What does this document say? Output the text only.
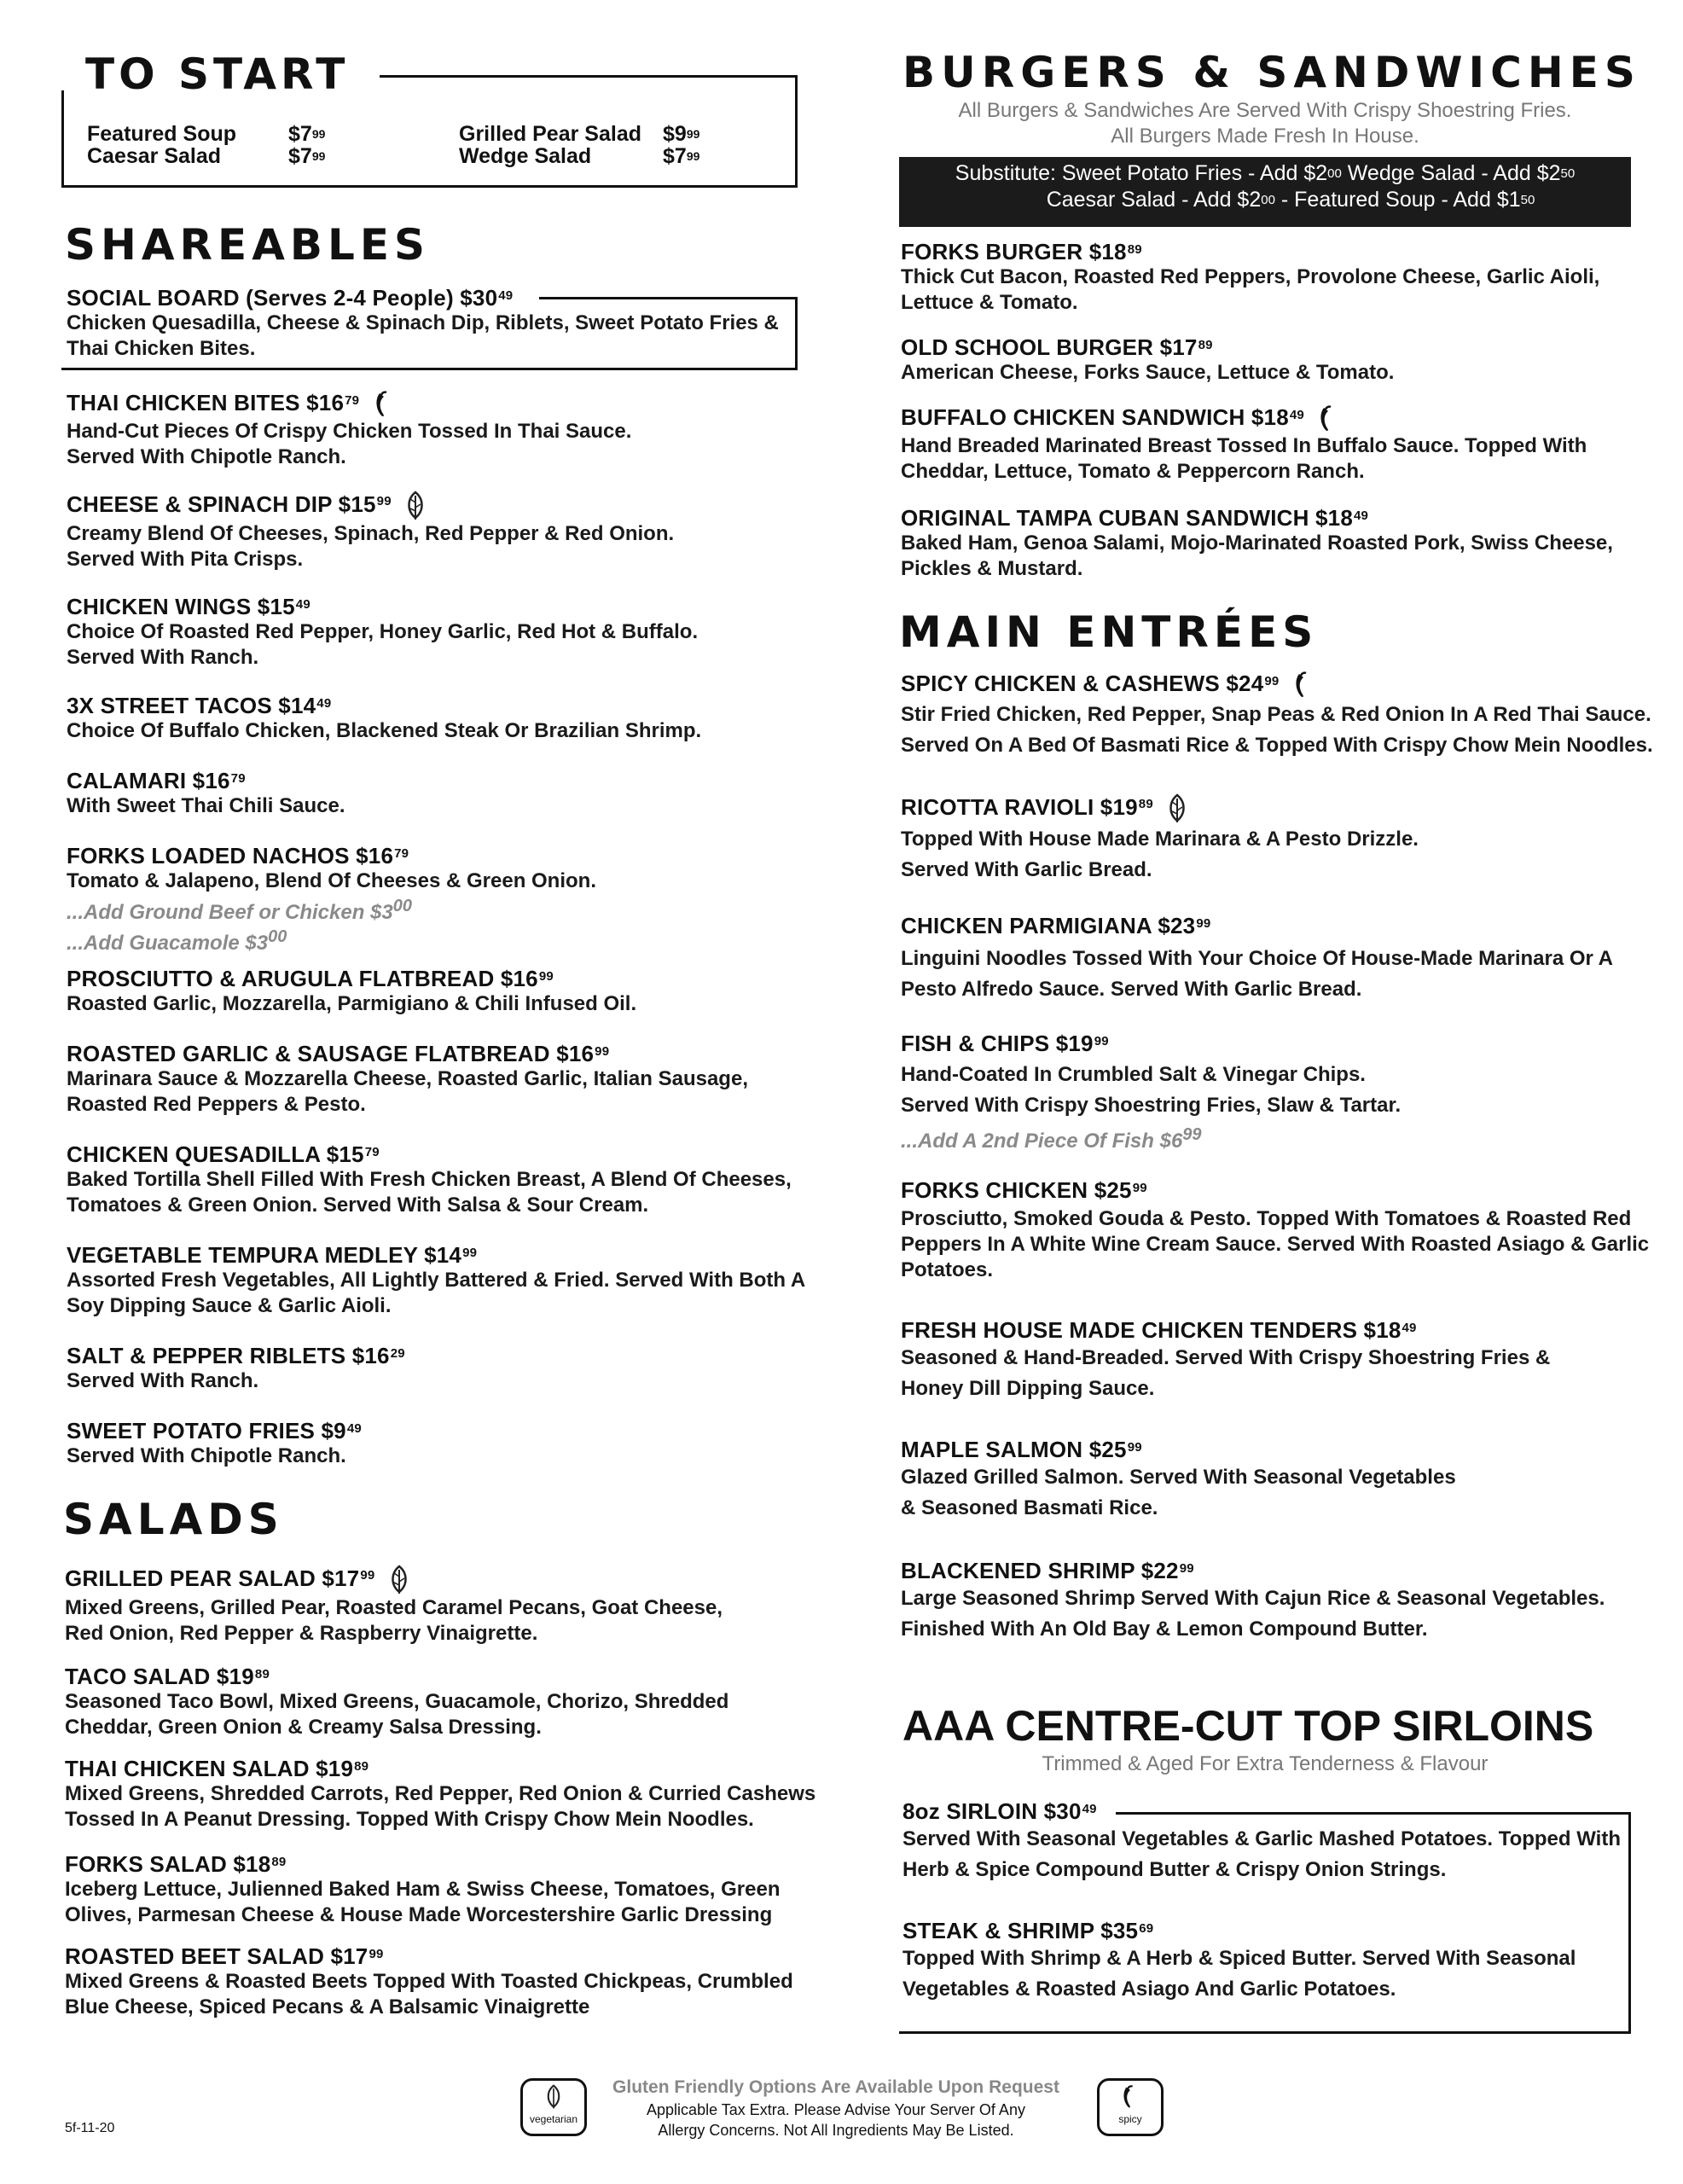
TO START
Featured Soup $\$7^{99}$
Caesar Salad	$\$7^{99}$
Grilled Pear Salad $\$9^{99}$
Wedge Salad	$\$7^{99}$
SHAREABLES
SOCIAL BOARD (Serves 2-4 People) $\$30^{49}$
Chicken Quesadilla, Cheese & Spinach Dip, Riblets, Sweet Potato Fries &
Thai Chicken Bites.
THAI CHICKEN BITES $\$16^{79}$
Hand-Cut Pieces Of Crispy Chicken Tossed In Thai Sauce.
Served With Chipotle Ranch.
CHEESE & SPINACH DIP $\$15^{99}$
Creamy Blend Of Cheeses, Spinach, Red Pepper & Red Onion.
Served With Pita Crisps.
CHICKEN WINGS $\$15^{49}$
Choice Of Roasted Red Pepper, Honey Garlic, Red Hot & Buffalo.
Served With Ranch.
3X STREET TACOS $\$14^{49}$
Choice Of Buffalo Chicken, Blackened Steak Or Brazilian Shrimp.
CALAMARI $\$16^{79}$
With Sweet Thai Chili Sauce.
FORKS LOADED NACHOS $\$16^{79}$
Tomato & Jalapeno, Blend Of Cheeses & Green Onion.
...Add Ground Beef or Chicken $\$3^{00}$
...Add Guacamole $\$3^{00}$
PROSCIUTTO & ARUGULA FLATBREAD $\$16^{99}$
Roasted Garlic, Mozzarella, Parmigiano & Chili Infused Oil.
ROASTED GARLIC & SAUSAGE FLATBREAD $\$16^{99}$
Marinara Sauce & Mozzarella Cheese, Roasted Garlic, Italian Sausage,
Roasted Red Peppers & Pesto.
CHICKEN QUESADILLA $\$15^{79}$
Baked Tortilla Shell Filled With Fresh Chicken Breast, A Blend Of Cheeses,
Tomatoes & Green Onion. Served With Salsa & Sour Cream.
VEGETABLE TEMPURA MEDLEY $\$14^{99}$
Assorted Fresh Vegetables, All Lightly Battered & Fried. Served With Both A
Soy Dipping Sauce & Garlic Aioli.
SALT & PEPPER RIBLETS $\$16^{29}$
Served With Ranch.
SWEET POTATO FRIES $\$9^{49}$
Served With Chipotle Ranch.
SALADS
GRILLED PEAR SALAD $\$17^{99}$
Mixed Greens, Grilled Pear, Roasted Caramel Pecans, Goat Cheese,
Red Onion, Red Pepper & Raspberry Vinaigrette.
TACO SALAD $\$19^{89}$
Seasoned Taco Bowl, Mixed Greens, Guacamole, Chorizo, Shredded
Cheddar, Green Onion & Creamy Salsa Dressing.
THAI CHICKEN SALAD $\$19^{89}$
Mixed Greens, Shredded Carrots, Red Pepper, Red Onion & Curried Cashews
Tossed In A Peanut Dressing. Topped With Crispy Chow Mein Noodles.
FORKS SALAD $\$18^{89}$
Iceberg Lettuce, Julienned Baked Ham & Swiss Cheese, Tomatoes, Green
Olives, Parmesan Cheese & House Made Worcestershire Garlic Dressing
ROASTED BEET SALAD $\$17^{99}$
Mixed Greens & Roasted Beets Topped With Toasted Chickpeas, Crumbled
Blue Cheese, Spiced Pecans & A Balsamic Vinaigrette
BURGERS & SANDWICHES
All Burgers & Sandwiches Are Served With Crispy Shoestring Fries.
All Burgers Made Fresh In House.
Substitute: Sweet Potato Fries - Add $\$2^{00}$ Wedge Salad - Add $\$2^{50}$
Caesar Salad - Add $\$2^{00}$ - Featured Soup - Add $\$1^{50}$
FORKS BURGER $\$18^{89}$
Thick Cut Bacon, Roasted Red Peppers, Provolone Cheese, Garlic Aioli,
Lettuce & Tomato.
OLD SCHOOL BURGER $\$17^{89}$
American Cheese, Forks Sauce, Lettuce & Tomato.
BUFFALO CHICKEN SANDWICH $\$18^{49}$
Hand Breaded Marinated Breast Tossed In Buffalo Sauce. Topped With
Cheddar, Lettuce, Tomato & Peppercorn Ranch.
ORIGINAL TAMPA CUBAN SANDWICH $\$18^{49}$
Baked Ham, Genoa Salami, Mojo-Marinated Roasted Pork, Swiss Cheese,
Pickles & Mustard.
MAIN ENTRÉES
SPICY CHICKEN & CASHEWS $\$24^{99}$
Stir Fried Chicken, Red Pepper, Snap Peas & Red Onion In A Red Thai Sauce.
Served On A Bed Of Basmati Rice & Topped With Crispy Chow Mein Noodles.
RICOTTA RAVIOLI $\$19^{89}$
Topped With House Made Marinara & A Pesto Drizzle.
Served With Garlic Bread.
CHICKEN PARMIGIANA $\$23^{99}$
Linguini Noodles Tossed With Your Choice Of House-Made Marinara Or A
Pesto Alfredo Sauce. Served With Garlic Bread.
FISH & CHIPS $\$19^{99}$
Hand-Coated In Crumbled Salt & Vinegar Chips.
Served With Crispy Shoestring Fries, Slaw & Tartar.
...Add A 2nd Piece Of Fish $\$6^{99}$
FORKS CHICKEN $\$25^{99}$
Prosciutto, Smoked Gouda & Pesto. Topped With Tomatoes & Roasted Red
Peppers In A White Wine Cream Sauce. Served With Roasted Asiago & Garlic
Potatoes.
FRESH HOUSE MADE CHICKEN TENDERS $\$18^{49}$
Seasoned & Hand-Breaded. Served With Crispy Shoestring Fries &
Honey Dill Dipping Sauce.
MAPLE SALMON $\$25^{99}$
Glazed Grilled Salmon. Served With Seasonal Vegetables
& Seasoned Basmati Rice.
BLACKENED SHRIMP $\$22^{99}$
Large Seasoned Shrimp Served With Cajun Rice & Seasonal Vegetables.
Finished With An Old Bay & Lemon Compound Butter.
AAA CENTRE-CUT TOP SIRLOINS
Trimmed & Aged For Extra Tenderness & Flavour
8oz SIRLOIN $\$30^{49}$
Served With Seasonal Vegetables & Garlic Mashed Potatoes. Topped With
Herb & Spice Compound Butter & Crispy Onion Strings.
STEAK & SHRIMP $\$35^{69}$
Topped With Shrimp & A Herb & Spiced Butter. Served With Seasonal
Vegetables & Roasted Asiago And Garlic Potatoes.
5f-11-20
vegetarian
Gluten Friendly Options Are Available Upon Request
Applicable Tax Extra. Please Advise Your Server Of Any
Allergy Concerns. Not All Ingredients May Be Listed.
spicy
